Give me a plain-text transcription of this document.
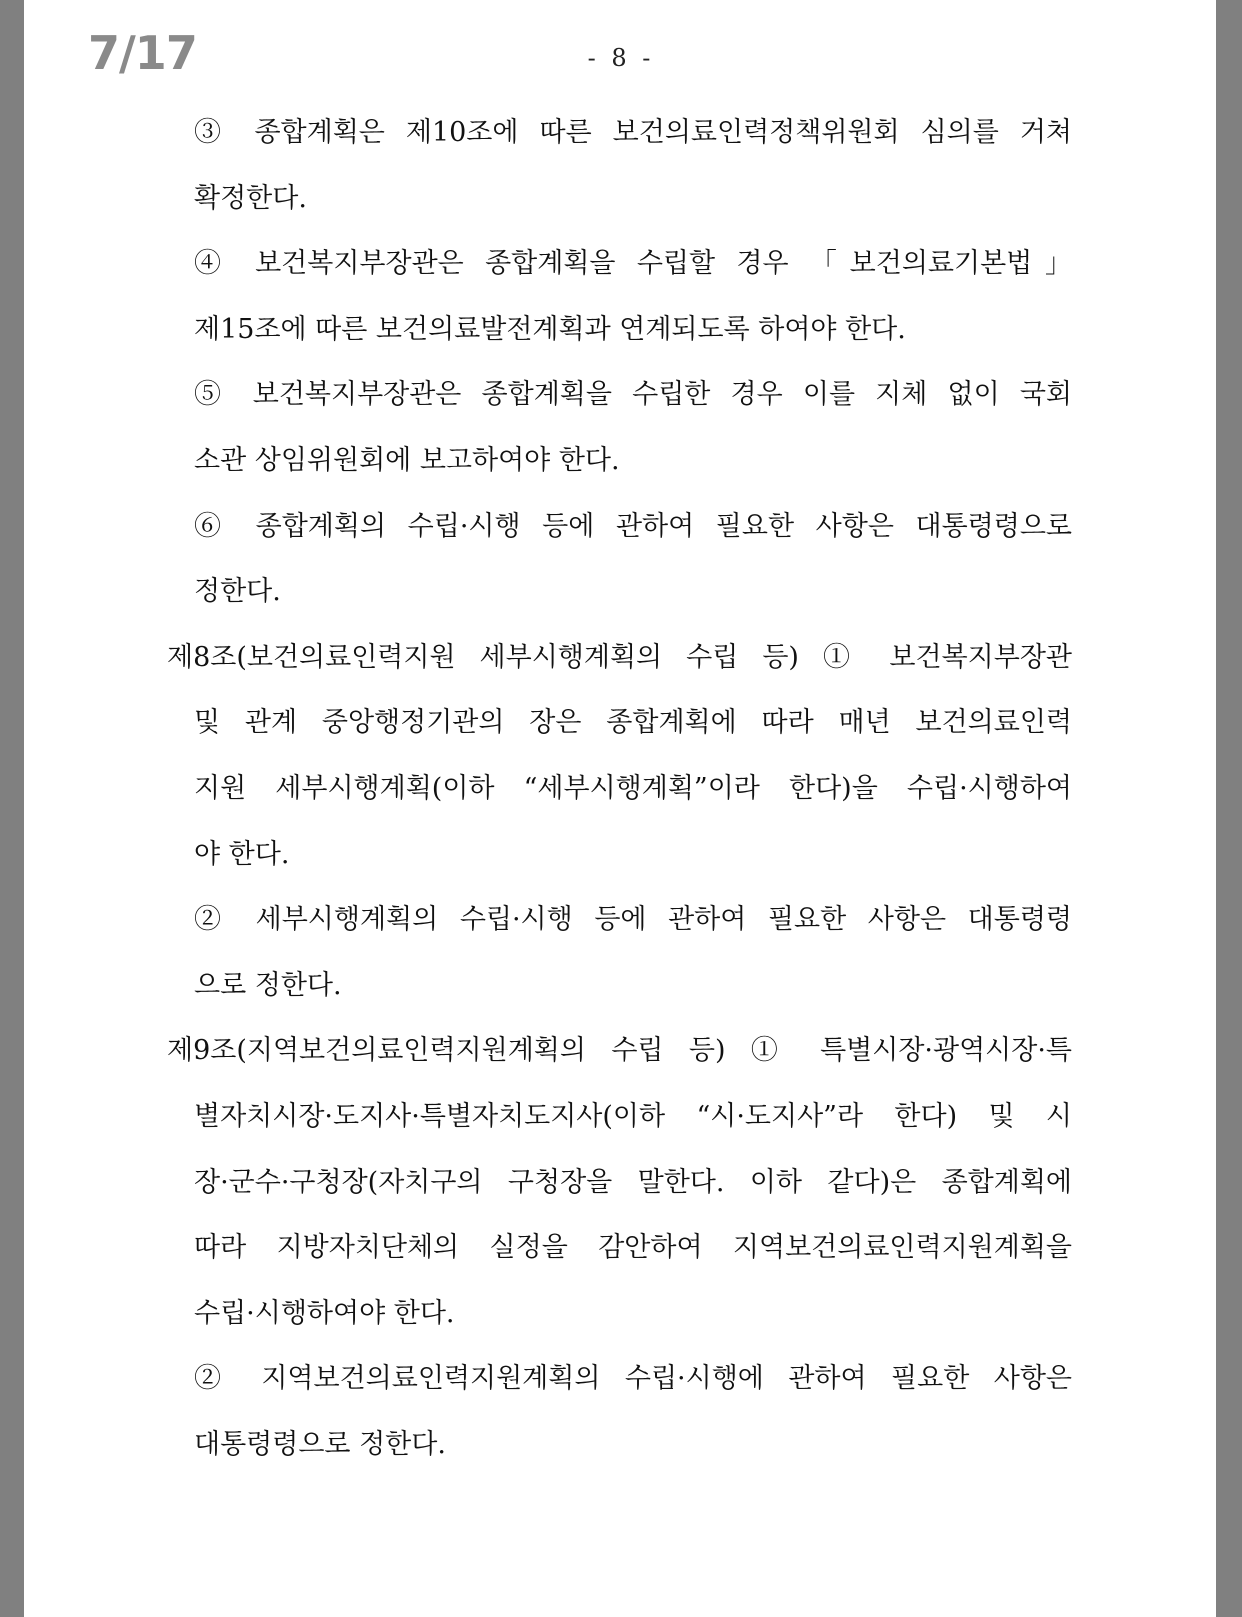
7/17	- 8 -
③ 종합계획은 제10조에 따른 보건의료인력정책위원회 심의를 거쳐
확정한다.
④ 보건복지부장관은 종합계획을 수립할 경우 「보건의료기본법」
제15조에 따른 보건의료발전계획과 연계되도록 하여야 한다.
⑤ 보건복지부장관은 종합계획을 수립한 경우 이를 지체 없이 국회
소관 상임위원회에 보고하여야 한다.
⑥ 종합계획의 수립·시행 등에 관하여 필요한 사항은 대통령령으로
정한다.
제8조(보건의료인력지원 세부시행계획의 수립 등) ① 보건복지부장관
및 관계 중앙행정기관의 장은 종합계획에 따라 매년 보건의료인력
지원 세부시행계획(이하 “세부시행계획”이라 한다)을 수립·시행하여
야 한다.
② 세부시행계획의 수립·시행 등에 관하여 필요한 사항은 대통령령
으로 정한다.
제9조(지역보건의료인력지원계획의 수립 등) ① 특별시장·광역시장·특
별자치시장·도지사·특별자치도지사(이하 “시·도지사”라 한다) 및 시
장·군수·구청장(자치구의 구청장을 말한다. 이하 같다)은 종합계획에
따라 지방자치단체의 실정을 감안하여 지역보건의료인력지원계획을
수립·시행하여야 한다.
② 지역보건의료인력지원계획의 수립·시행에 관하여 필요한 사항은
대통령령으로 정한다.
